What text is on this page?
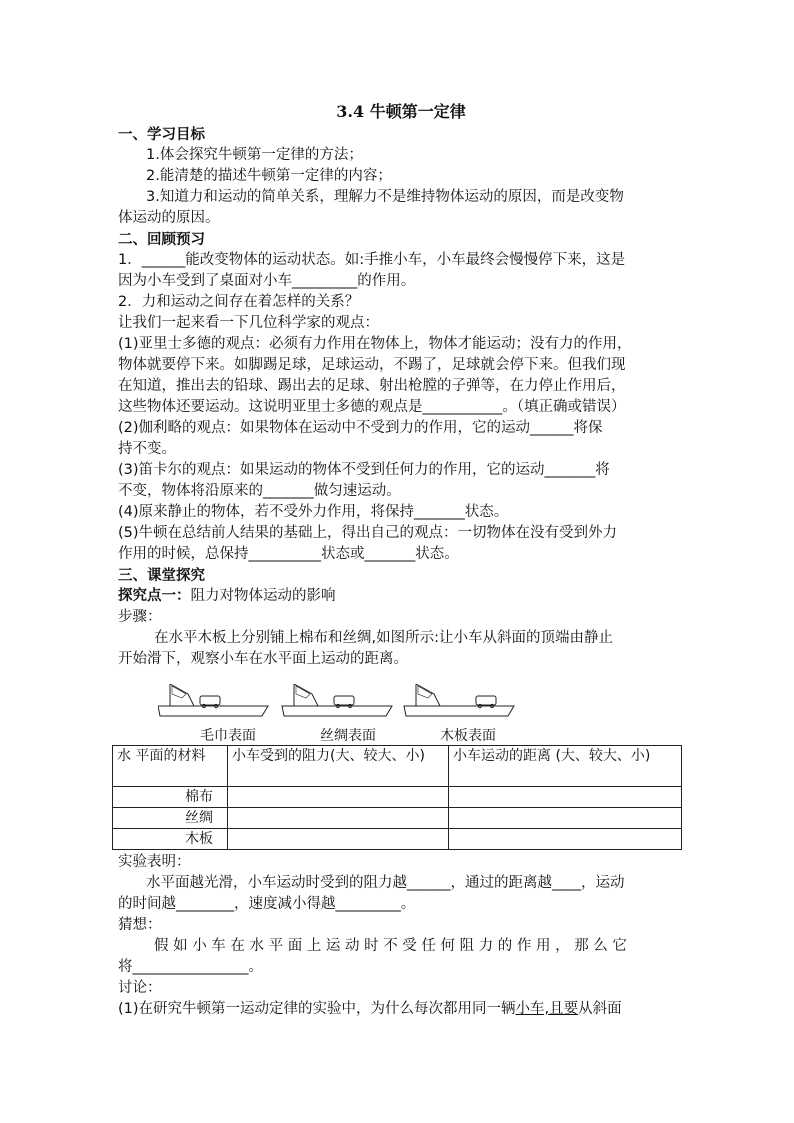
3.4 牛顿第一定律
一、学习目标
1.体会探究牛顿第一定律的方法；
2.能清楚的描述牛顿第一定律的内容；
3.知道力和运动的简单关系，理解力不是维持物体运动的原因，而是改变物
体运动的原因。
二、回顾预习
1．______能改变物体的运动状态。如:手推小车，小车最终会慢慢停下来，这是
因为小车受到了桌面对小车_________的作用。
2．力和运动之间存在着怎样的关系？
让我们一起来看一下几位科学家的观点：
(1)亚里士多德的观点：必须有力作用在物体上，物体才能运动；没有力的作用，
物体就要停下来。如脚踢足球，足球运动，不踢了，足球就会停下来。但我们现
在知道，推出去的铅球、踢出去的足球、射出枪膛的子弹等，在力停止作用后，
这些物体还要运动。这说明亚里士多德的观点是___________。（填正确或错误）
(2)伽利略的观点：如果物体在运动中不受到力的作用，它的运动______将保
持不变。
(3)笛卡尔的观点：如果运动的物体不受到任何力的作用，它的运动_______将
不变，物体将沿原来的_______做匀速运动。
(4)原来静止的物体，若不受外力作用，将保持_______状态。
(5)牛顿在总结前人结果的基础上，得出自己的观点：一切物体在没有受到外力
作用的时候，总保持__________状态或_______状态。
三、课堂探究
探究点一：阻力对物体运动的影响
步骤：
在水平木板上分别铺上棉布和丝绸,如图所示:让小车从斜面的顶端由静止
开始滑下，观察小车在水平面上运动的距离。
毛巾表面	丝绸表面	木板表面
水 平面的材料	小车受到的阻力(大、较大、小)	小车运动的距离 (大、较大、小)
棉布		
丝绸		
木板		
实验表明：
水平面越光滑，小车运动时受到的阻力越______，通过的距离越____，运动
的时间越________，速度减小得越_________。
猜想：
假如小车在水平面上运动时不受任何阻力的作用，那么它
将________________。
讨论：
(1)在研究牛顿第一运动定律的实验中，为什么每次都用同一辆小车,且要从斜面
